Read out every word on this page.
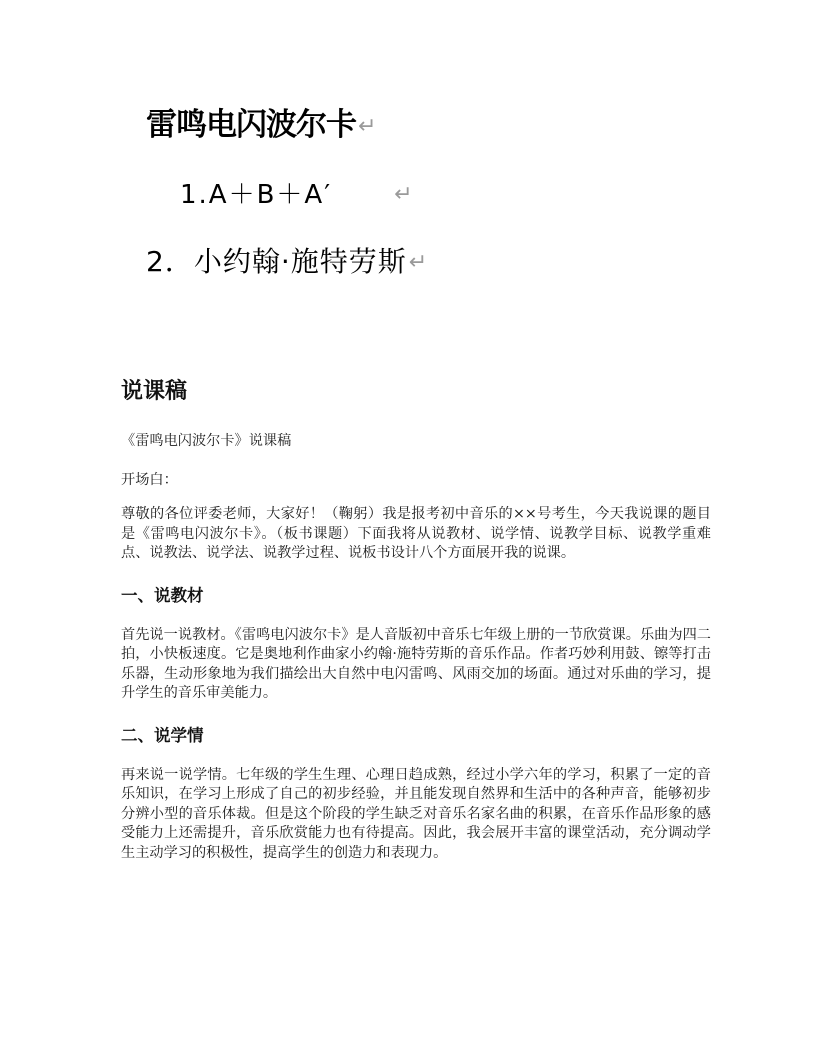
雷鸣电闪波尔卡↵
1.A＋B＋A′	↵
2．小约翰·施特劳斯↵
说课稿

《雷鸣电闪波尔卡》说课稿

开场白：

尊敬的各位评委老师，大家好！（鞠躬）我是报考初中音乐的××号考生，今天我说课的题目是《雷鸣电闪波尔卡》。（板书课题）下面我将从说教材、说学情、说教学目标、说教学重难点、说教法、说学法、说教学过程、说板书设计八个方面展开我的说课。

一、说教材

首先说一说教材。《雷鸣电闪波尔卡》是人音版初中音乐七年级上册的一节欣赏课。乐曲为四二拍，小快板速度。它是奥地利作曲家小约翰·施特劳斯的音乐作品。作者巧妙利用鼓、镲等打击乐器，生动形象地为我们描绘出大自然中电闪雷鸣、风雨交加的场面。通过对乐曲的学习，提升学生的音乐审美能力。

二、说学情

再来说一说学情。七年级的学生生理、心理日趋成熟，经过小学六年的学习，积累了一定的音乐知识，在学习上形成了自己的初步经验，并且能发现自然界和生活中的各种声音，能够初步分辨小型的音乐体裁。但是这个阶段的学生缺乏对音乐名家名曲的积累，在音乐作品形象的感受能力上还需提升，音乐欣赏能力也有待提高。因此，我会展开丰富的课堂活动，充分调动学生主动学习的积极性，提高学生的创造力和表现力。
